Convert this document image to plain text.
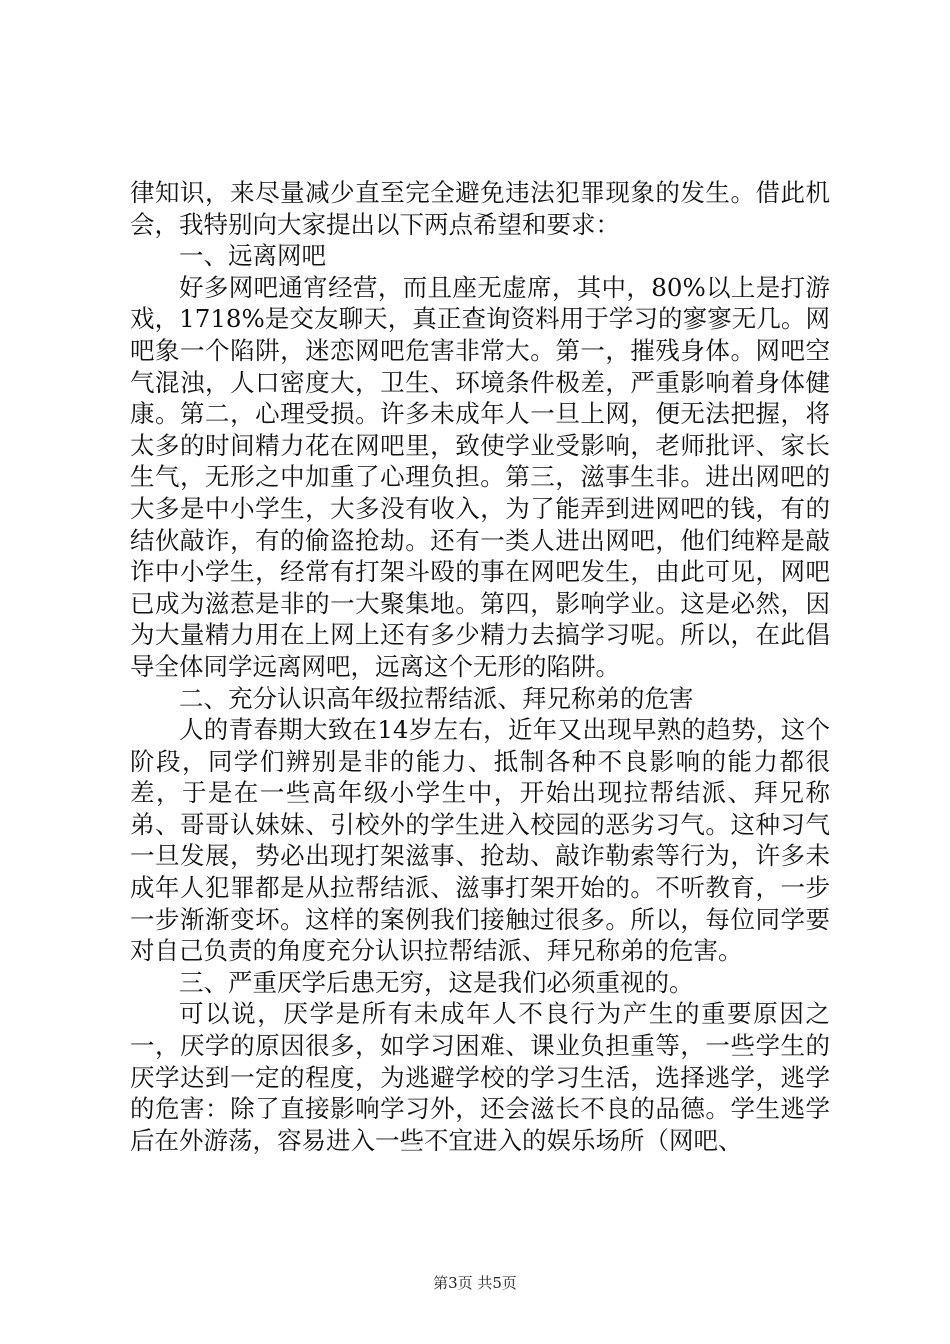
律知识，来尽量减少直至完全避免违法犯罪现象的发生。借此机会，我特别向大家提出以下两点希望和要求：

一、远离网吧

好多网吧通宵经营，而且座无虚席，其中，80%以上是打游戏，1718%是交友聊天，真正查询资料用于学习的寥寥无几。网吧象一个陷阱，迷恋网吧危害非常大。第一，摧残身体。网吧空气混浊，人口密度大，卫生、环境条件极差，严重影响着身体健康。第二，心理受损。许多未成年人一旦上网，便无法把握，将太多的时间精力花在网吧里，致使学业受影响，老师批评、家长生气，无形之中加重了心理负担。第三，滋事生非。进出网吧的大多是中小学生，大多没有收入，为了能弄到进网吧的钱，有的结伙敲诈，有的偷盗抢劫。还有一类人进出网吧，他们纯粹是敲诈中小学生，经常有打架斗殴的事在网吧发生，由此可见，网吧已成为滋惹是非的一大聚集地。第四，影响学业。这是必然，因为大量精力用在上网上还有多少精力去搞学习呢。所以，在此倡导全体同学远离网吧，远离这个无形的陷阱。

二、充分认识高年级拉帮结派、拜兄称弟的危害

人的青春期大致在14岁左右，近年又出现早熟的趋势，这个阶段，同学们辨别是非的能力、抵制各种不良影响的能力都很差，于是在一些高年级小学生中，开始出现拉帮结派、拜兄称弟、哥哥认妹妹、引校外的学生进入校园的恶劣习气。这种习气一旦发展，势必出现打架滋事、抢劫、敲诈勒索等行为，许多未成年人犯罪都是从拉帮结派、滋事打架开始的。不听教育，一步一步渐渐变坏。这样的案例我们接触过很多。所以，每位同学要对自己负责的角度充分认识拉帮结派、拜兄称弟的危害。

三、严重厌学后患无穷，这是我们必须重视的。

可以说，厌学是所有未成年人不良行为产生的重要原因之一，厌学的原因很多，如学习困难、课业负担重等，一些学生的厌学达到一定的程度，为逃避学校的学习生活，选择逃学，逃学的危害：除了直接影响学习外，还会滋长不良的品德。学生逃学后在外游荡，容易进入一些不宜进入的娱乐场所（网吧、

第3页 共5页
